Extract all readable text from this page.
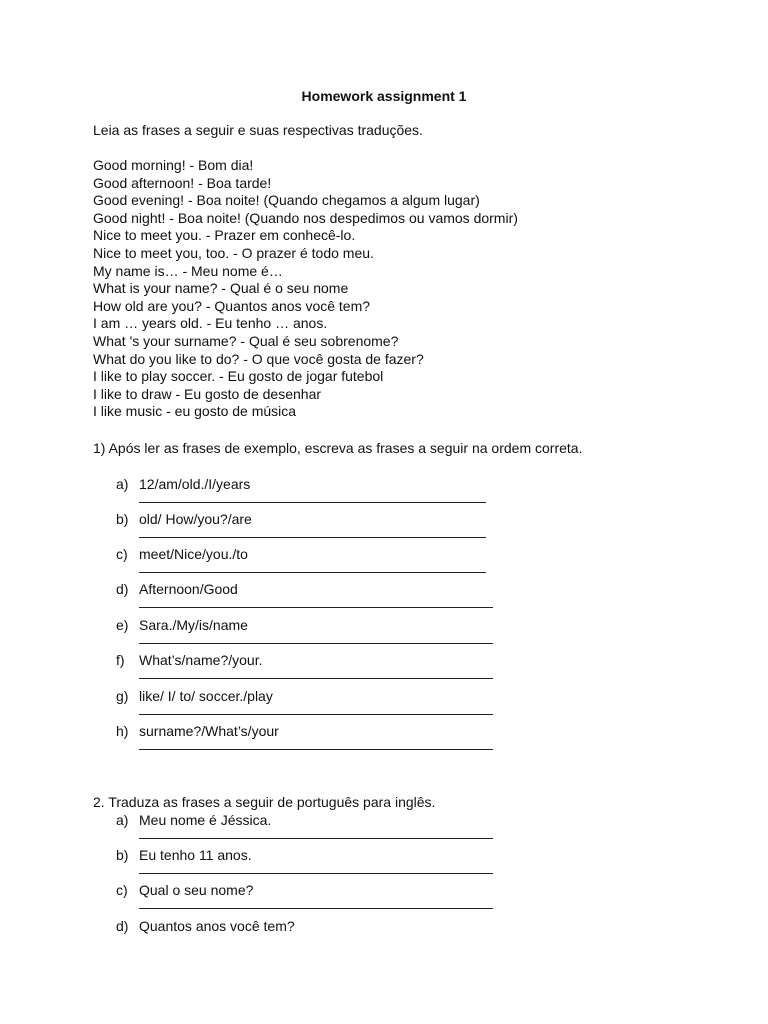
Homework assignment 1
Leia as frases a seguir e suas respectivas traduções.
Good morning! - Bom dia!
Good afternoon! - Boa tarde!
Good evening! - Boa noite! (Quando chegamos a algum lugar)
Good night! - Boa noite! (Quando nos despedimos ou vamos dormir)
Nice to meet you. - Prazer em conhecê-lo.
Nice to meet you, too. - O prazer é todo meu.
My name is… - Meu nome é…
What is your name? - Qual é o seu nome
How old are you? - Quantos anos você tem?
I am … years old. - Eu tenho … anos.
What 's your surname? - Qual é seu sobrenome?
What do you like to do? - O que você gosta de fazer?
I like to play soccer. - Eu gosto de jogar futebol
I like to draw - Eu gosto de desenhar
I like music - eu gosto de música
1) Após ler as frases de exemplo, escreva as frases a seguir na ordem correta.
a) 12/am/old./I/years
b) old/ How/you?/are
c) meet/Nice/you./to
d) Afternoon/Good
e) Sara./My/is/name
f) What’s/name?/your.
g) like/ I/ to/ soccer./play
h) surname?/What’s/your
2. Traduza as frases a seguir de português para inglês.
a) Meu nome é Jéssica.
b) Eu tenho 11 anos.
c) Qual o seu nome?
d) Quantos anos você tem?
